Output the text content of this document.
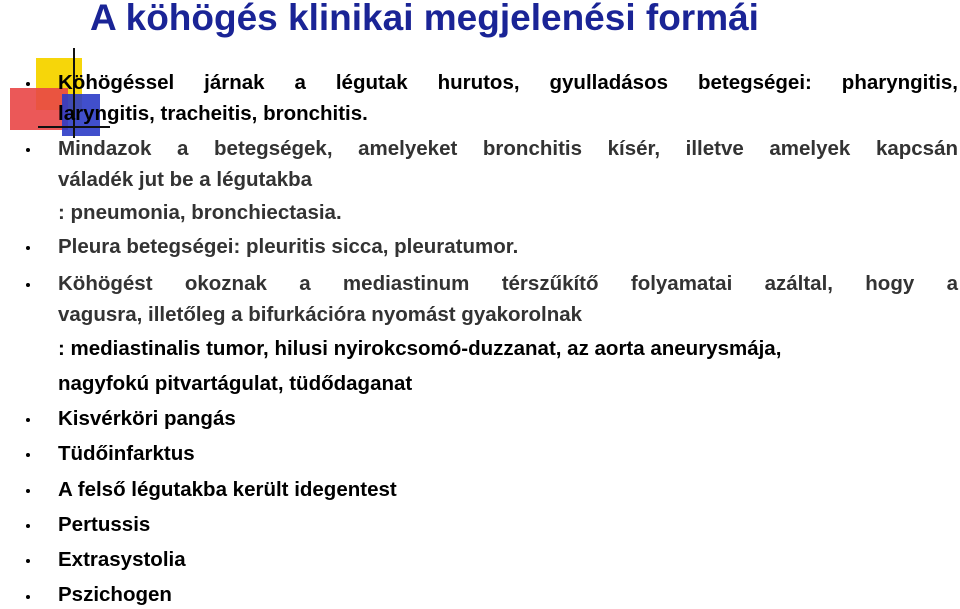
A köhögés klinikai megjelenési formái
Köhögéssel járnak a légutak hurutos, gyulladásos betegségei: pharyngitis,
laryngitis, tracheitis, bronchitis.
Mindazok a betegségek, amelyeket bronchitis kísér, illetve amelyek kapcsán
váladék jut be a légutakba
: pneumonia, bronchiectasia.
Pleura betegségei: pleuritis sicca, pleuratumor.
Köhögést okoznak a mediastinum térszűkítő folyamatai azáltal, hogy a
vagusra, illetőleg a bifurkációra nyomást gyakorolnak
: mediastinalis tumor, hilusi nyirokcsomó-duzzanat, az aorta aneurysmája,
nagyfokú pitvartágulat, tüdődaganat
Kisvérköri pangás
Tüdőinfarktus
A felső légutakba került idegentest
Pertussis
Extrasystolia
Pszichogen
